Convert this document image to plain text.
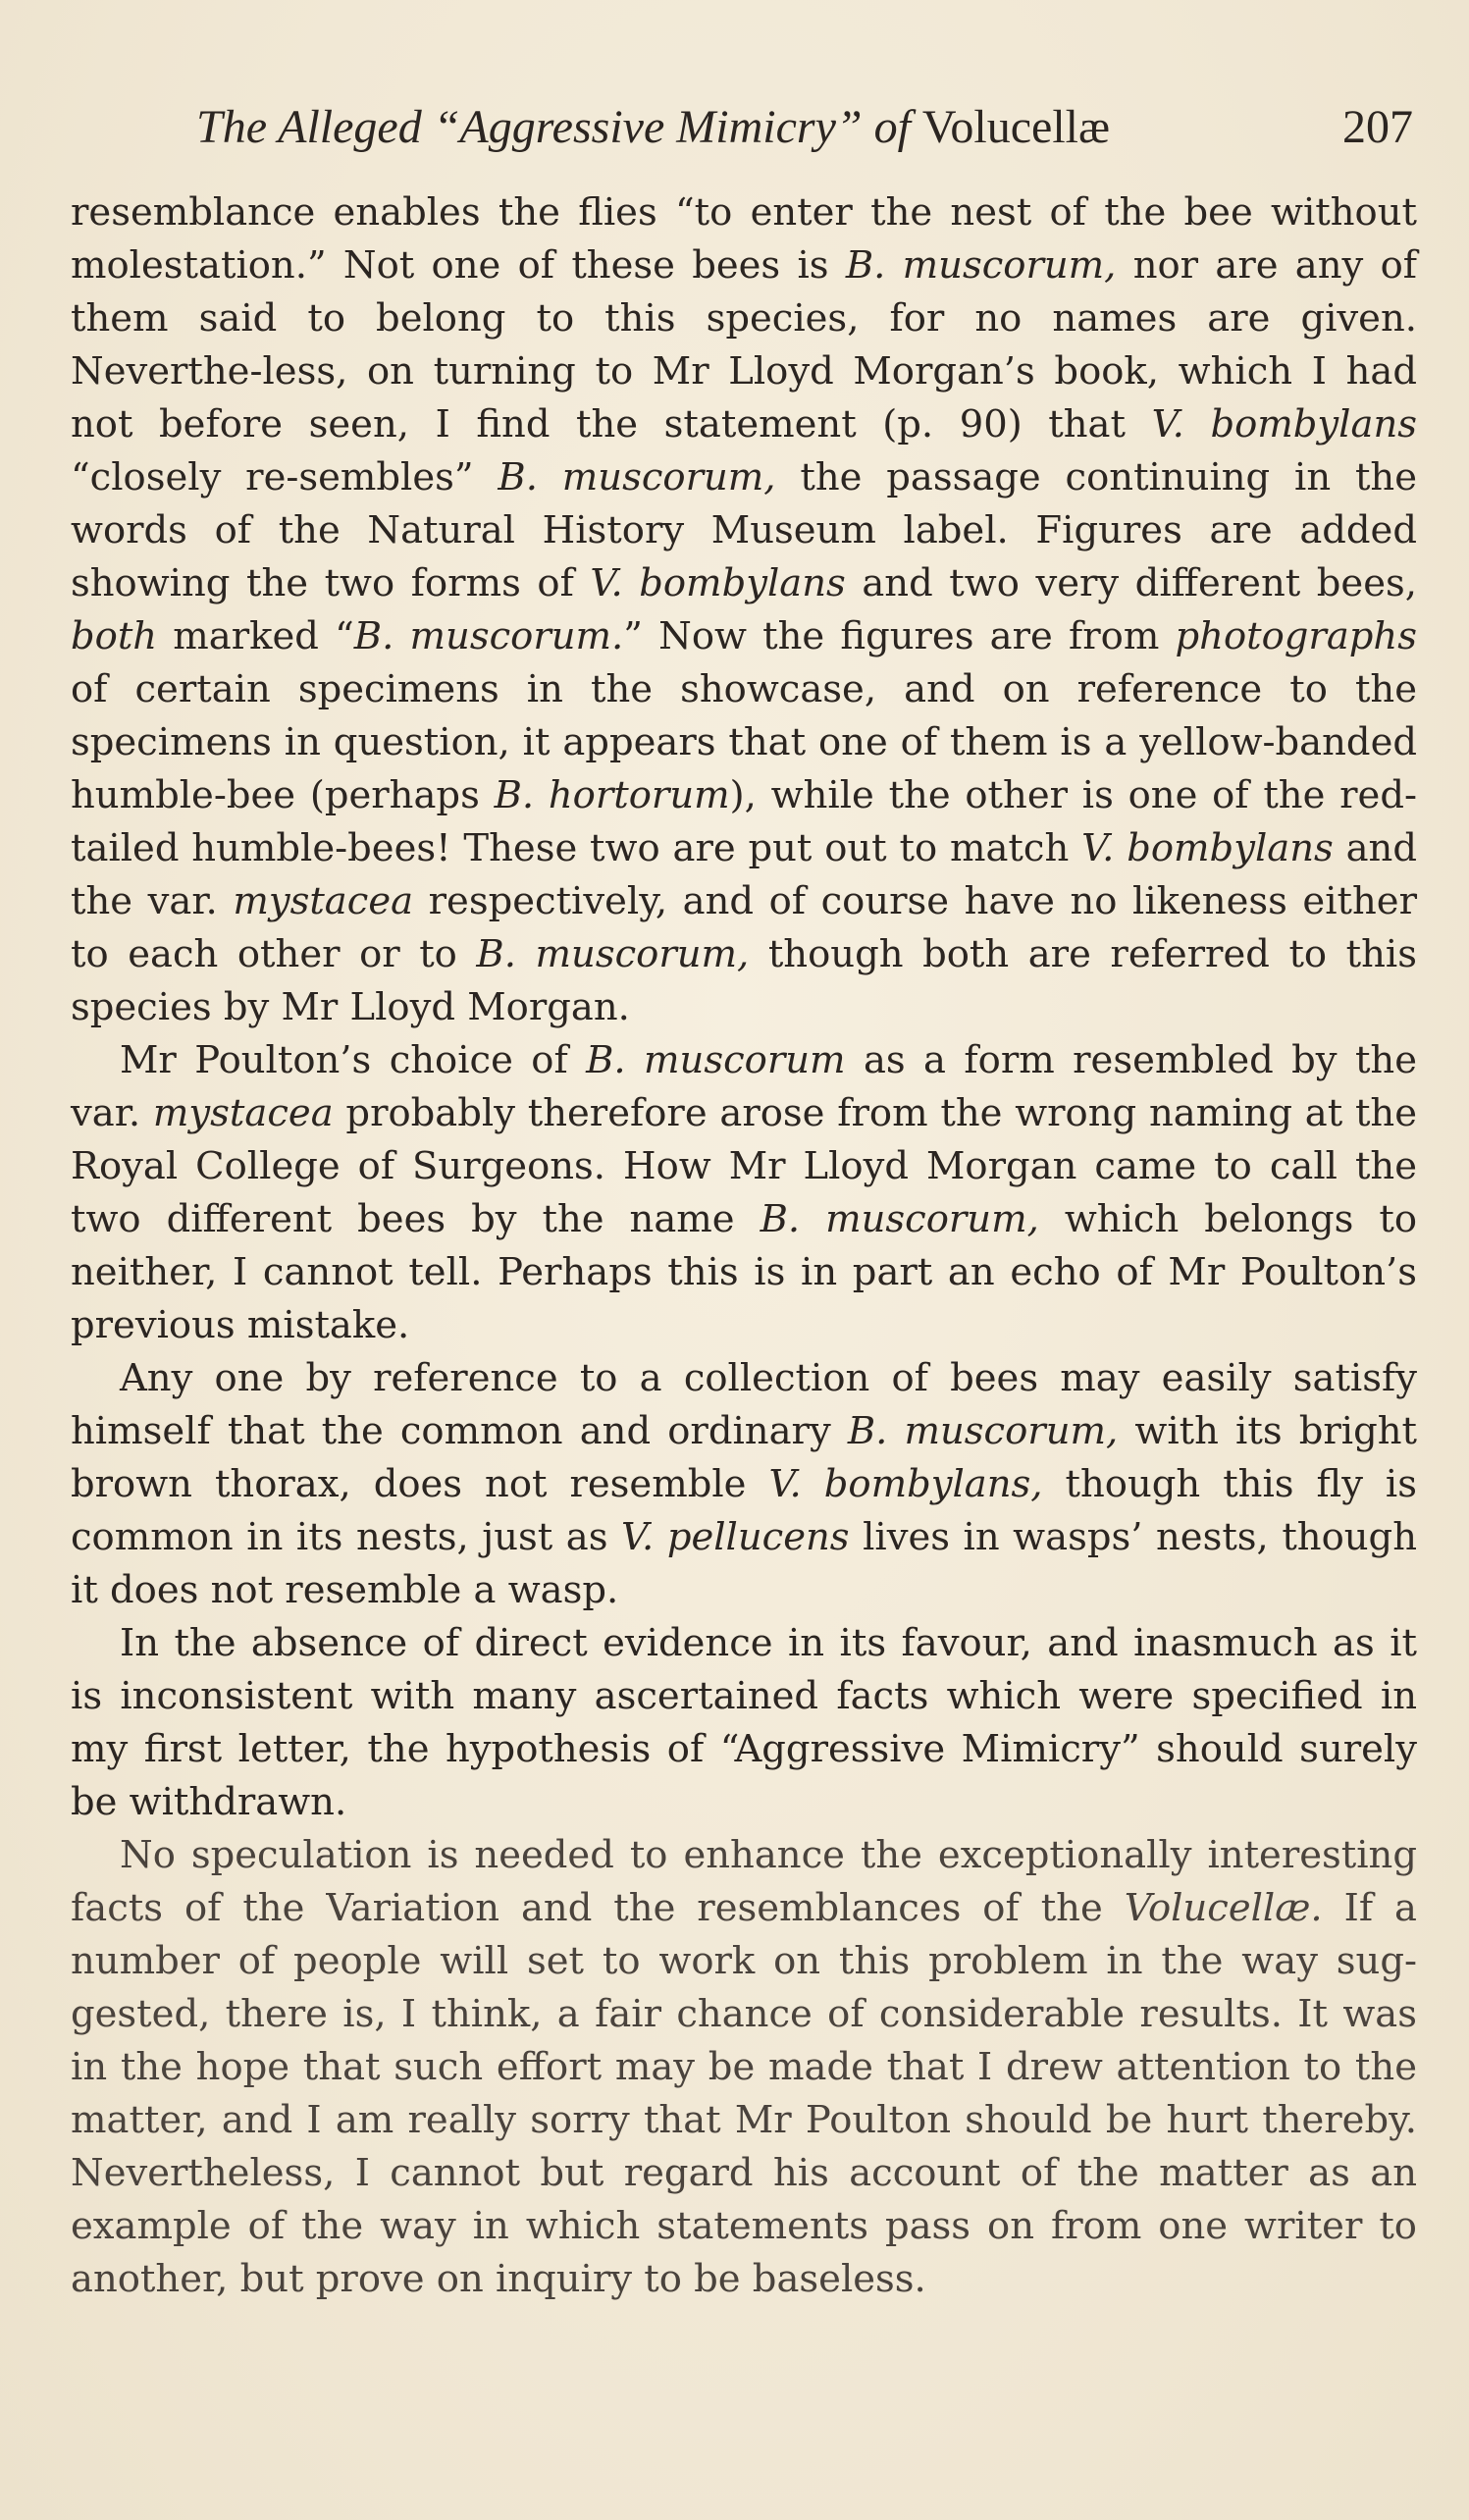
The Alleged “Aggressive Mimicry” of Volucellæ	207

resemblance enables the flies “to enter the nest of the bee without molestation.” Not one of these bees is B. muscorum, nor are any of them said to belong to this species, for no names are given. Neverthe-less, on turning to Mr Lloyd Morgan’s book, which I had not before seen, I find the statement (p. 90) that V. bombylans “closely re-sembles” B. muscorum, the passage continuing in the words of the Natural History Museum label. Figures are added showing the two forms of V. bombylans and two very different bees, both marked “B. muscorum.” Now the figures are from photographs of certain specimens in the showcase, and on reference to the specimens in question, it appears that one of them is a yellow-banded humble-bee (perhaps B. hortorum), while the other is one of the red-tailed humble-bees! These two are put out to match V. bombylans and the var. mystacea respectively, and of course have no likeness either to each other or to B. muscorum, though both are referred to this species by Mr Lloyd Morgan.

Mr Poulton’s choice of B. muscorum as a form resembled by the var. mystacea probably therefore arose from the wrong naming at the Royal College of Surgeons. How Mr Lloyd Morgan came to call the two different bees by the name B. muscorum, which belongs to neither, I cannot tell. Perhaps this is in part an echo of Mr Poulton’s previous mistake.

Any one by reference to a collection of bees may easily satisfy himself that the common and ordinary B. muscorum, with its bright brown thorax, does not resemble V. bombylans, though this fly is common in its nests, just as V. pellucens lives in wasps’ nests, though it does not resemble a wasp.

In the absence of direct evidence in its favour, and inasmuch as it is inconsistent with many ascertained facts which were specified in my first letter, the hypothesis of “Aggressive Mimicry” should surely be withdrawn.

No speculation is needed to enhance the exceptionally interesting facts of the Variation and the resemblances of the Volucellæ. If a number of people will set to work on this problem in the way sug-gested, there is, I think, a fair chance of considerable results. It was in the hope that such effort may be made that I drew attention to the matter, and I am really sorry that Mr Poulton should be hurt thereby. Nevertheless, I cannot but regard his account of the matter as an example of the way in which statements pass on from one writer to another, but prove on inquiry to be baseless.
